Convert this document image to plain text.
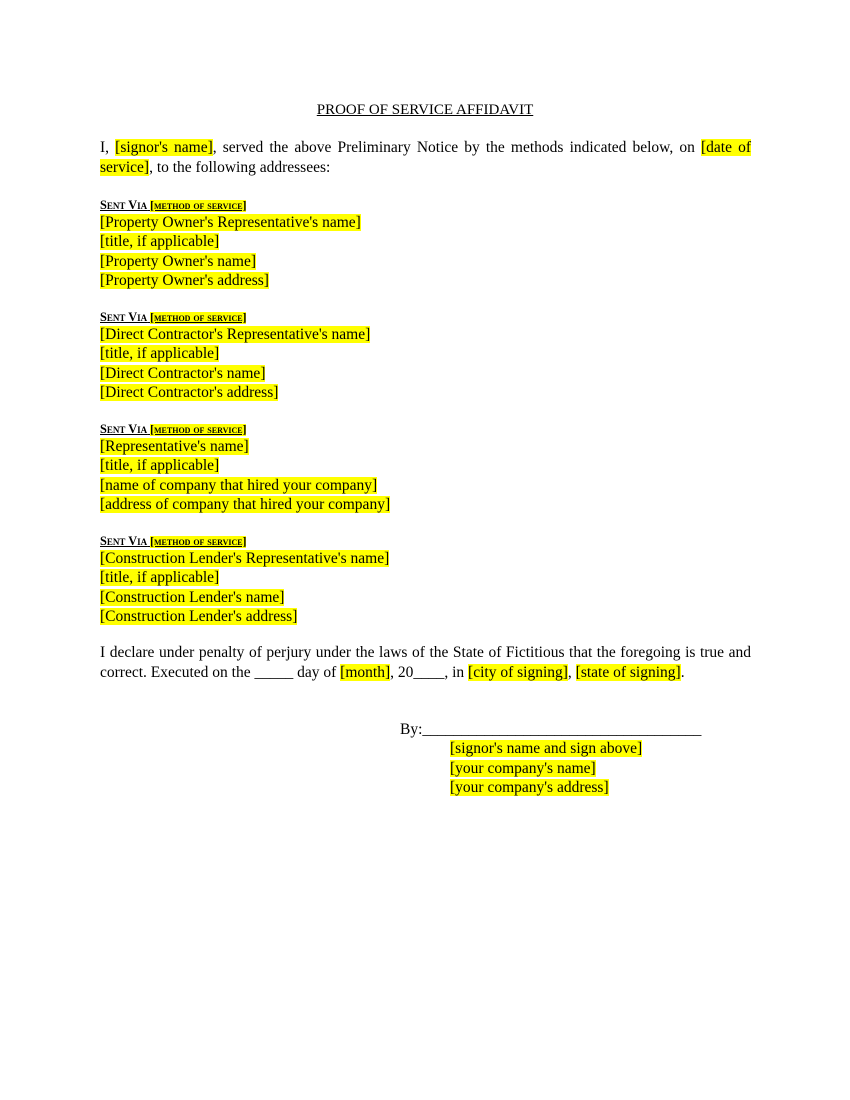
PROOF OF SERVICE AFFIDAVIT
I, [signor's name], served the above Preliminary Notice by the methods indicated below, on [date of service], to the following addressees:
Sent Via [method of service]
[Property Owner's Representative's name]
[title, if applicable]
[Property Owner's name]
[Property Owner's address]
Sent Via [method of service]
[Direct Contractor's Representative's name]
[title, if applicable]
[Direct Contractor's name]
[Direct Contractor's address]
Sent Via [method of service]
[Representative's name]
[title, if applicable]
[name of company that hired your company]
[address of company that hired your company]
Sent Via [method of service]
[Construction Lender's Representative's name]
[title, if applicable]
[Construction Lender's name]
[Construction Lender's address]
I declare under penalty of perjury under the laws of the State of Fictitious that the foregoing is true and correct. Executed on the _____ day of [month], 20____, in [city of signing], [state of signing].
By:____________________________________
[signor's name and sign above]
[your company's name]
[your company's address]
